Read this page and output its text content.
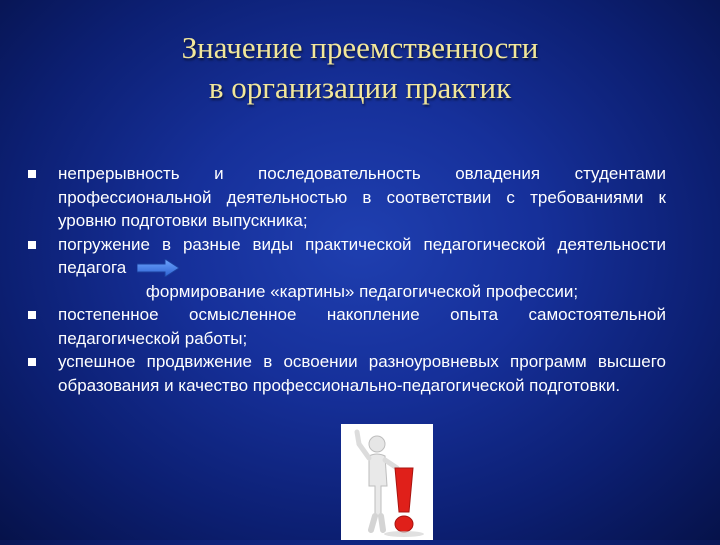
Значение преемственности
в организации практик
непрерывность и последовательность овладения студентами профессиональной деятельностью в соответствии с требованиями к уровню подготовки выпускника;
погружение в разные виды практической педагогической деятельности педагога
формирование «картины» педагогической профессии;
постепенное осмысленное накопление опыта самостоятельной педагогической работы;
успешное продвижение в освоении разноуровневых программ высшего образования и качество профессионально-педагогической подготовки.
